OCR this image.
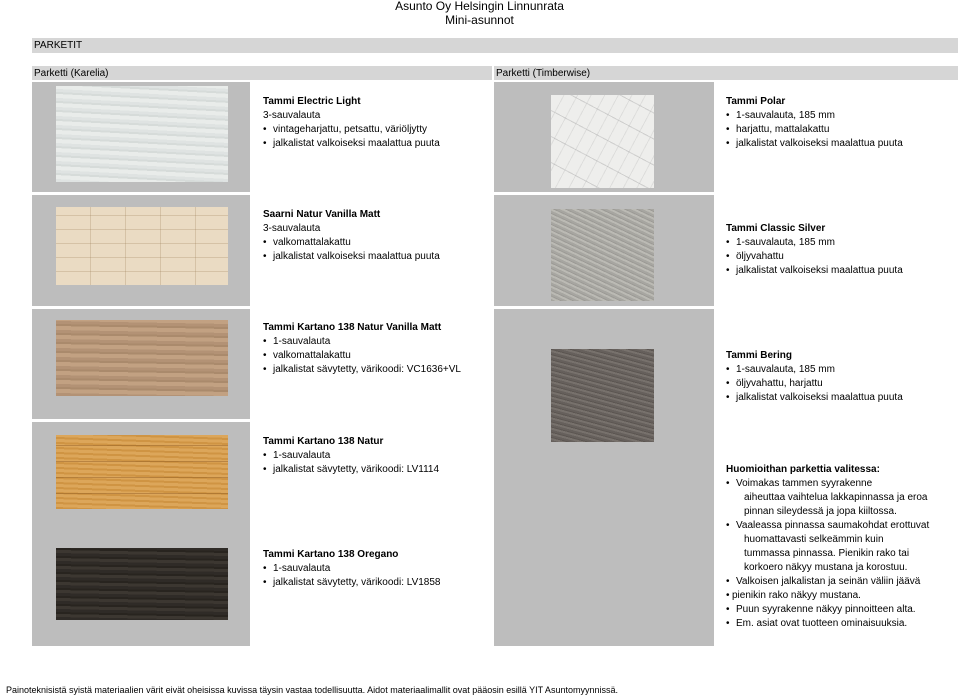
Asunto Oy Helsingin Linnunrata
Mini-asunnot
PARKETIT
Parketti (Karelia)	Parketti (Timberwise)
Tammi Electric Light
3-sauvalauta
• vintageharjattu, petsattu, väriöljytty
• jalkalistat valkoiseksi maalattua puuta
Saarni Natur Vanilla Matt
3-sauvalauta
• valkomattalakattu
• jalkalistat valkoiseksi maalattua puuta
Tammi Kartano 138 Natur Vanilla Matt
• 1-sauvalauta
• valkomattalakattu
• jalkalistat sävytetty, värikoodi: VC1636+VL
Tammi Kartano 138 Natur
• 1-sauvalauta
• jalkalistat sävytetty, värikoodi: LV1114
Tammi Kartano 138 Oregano
• 1-sauvalauta
• jalkalistat sävytetty, värikoodi: LV1858
Tammi Polar
• 1-sauvalauta, 185 mm
• harjattu, mattalakattu
• jalkalistat valkoiseksi maalattua puuta
Tammi Classic Silver
• 1-sauvalauta, 185 mm
• öljyvahattu
• jalkalistat valkoiseksi maalattua puuta
Tammi Bering
• 1-sauvalauta, 185 mm
• öljyvahattu, harjattu
• jalkalistat valkoiseksi maalattua puuta
Huomioithan parkettia valitessa:
• Voimakas tammen syyrakenne
aiheuttaa vaihtelua lakkapinnassa ja eroa
pinnan sileydessä ja jopa kiiltossa.
• Vaaleassa pinnassa saumakohdat erottuvat
huomattavasti selkeämmin kuin
tummassa pinnassa. Pienikin rako tai
korkoero näkyy mustana ja korostuu.
• Valkoisen jalkalistan ja seinän väliin jäävä
• pienikin rako näkyy mustana.
• Puun syyrakenne näkyy pinnoitteen alta.
• Em. asiat ovat tuotteen ominaisuuksia.
Painoteknisistä syistä materiaalien värit eivät oheisissa kuvissa täysin vastaa todellisuutta. Aidot materiaalimallit ovat pääosin esillä YIT Asuntomyynnissä.
